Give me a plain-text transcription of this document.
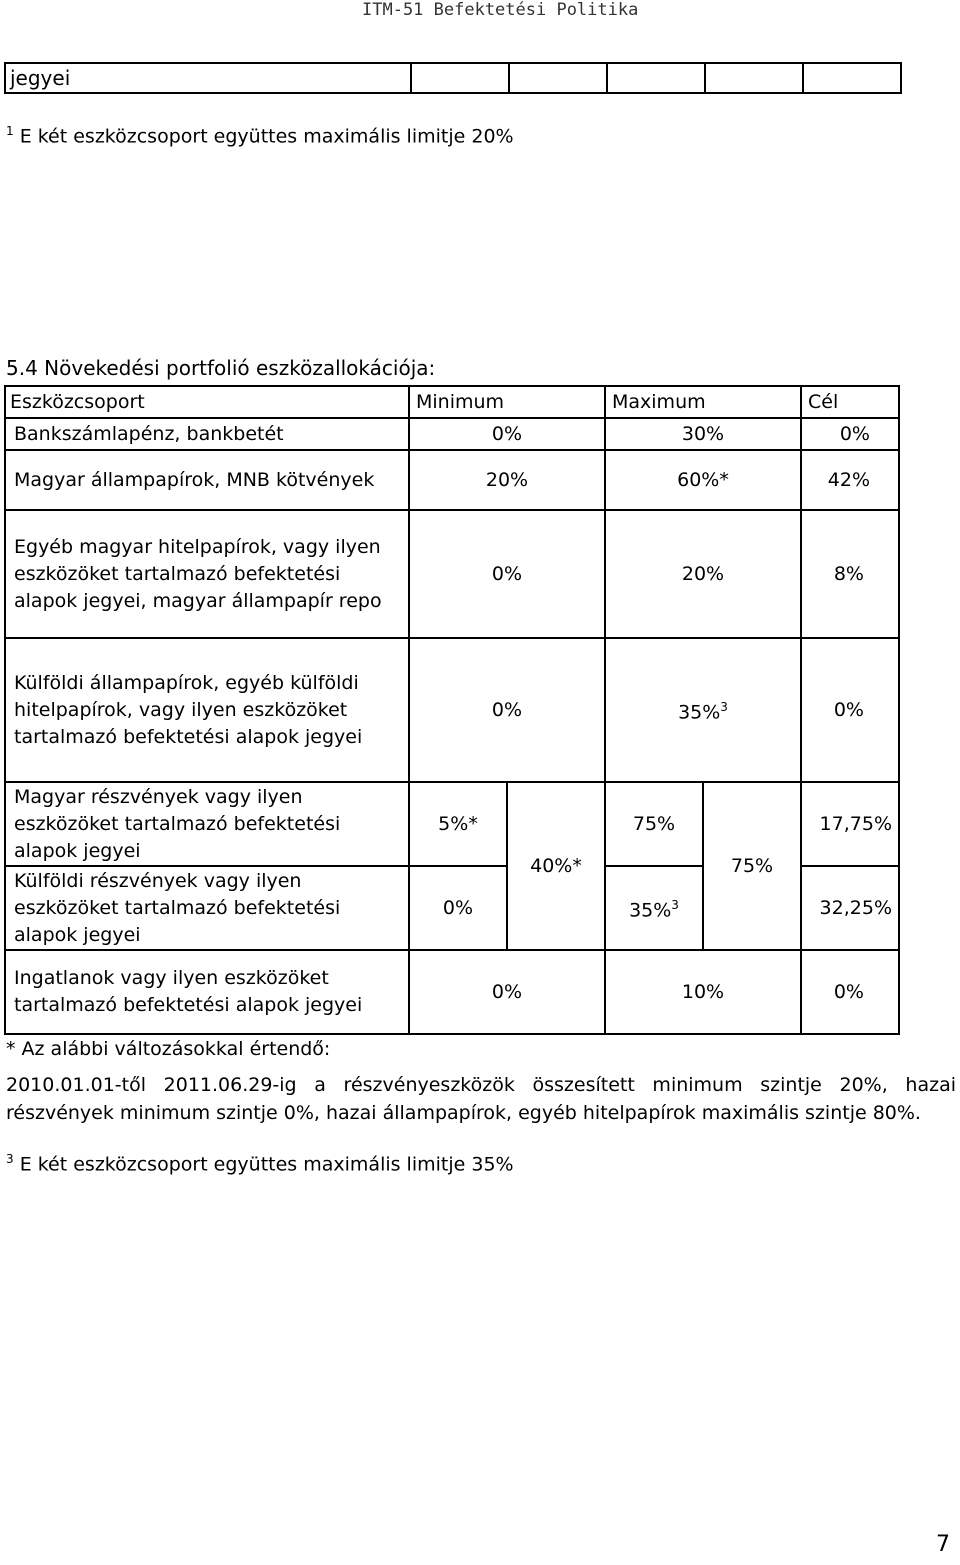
ITM-51 Befektetési Politika
jegyei					
$^1$ E két eszközcsoport együttes maximális limitje 20%
5.4 Növekedési portfolió eszközallokációja:
Eszközcsoport	Minimum		Maximum		Cél
Bankszámlapénz, bankbetét	0%		30%		0%
Magyar állampapírok, MNB kötvények	20%		60%*		42%
Egyéb magyar hitelpapírok, vagy ilyen eszközöket tartalmazó befektetési alapok jegyei, magyar állampapír repo	0%		20%		8%
Külföldi állampapírok, egyéb külföldi hitelpapírok, vagy ilyen eszközöket tartalmazó befektetési alapok jegyei	0%		35%$^3$		0%
Magyar részvények vagy ilyen eszközöket tartalmazó befektetési alapok jegyei	5%*	40%*	75%	75%	17,75%
Külföldi részvények vagy ilyen eszközöket tartalmazó befektetési alapok jegyei	0%		35%$^3$		32,25%
Ingatlanok vagy ilyen eszközöket tartalmazó befektetési alapok jegyei	0%		10%		0%
* Az alábbi változásokkal értendő:
2010.01.01-től 2011.06.29-ig a részvényeszközök összesített minimum szintje 20%, hazai részvények minimum szintje 0%, hazai állampapírok, egyéb hitelpapírok maximális szintje 80%.
$^3$ E két eszközcsoport együttes maximális limitje 35%
7
